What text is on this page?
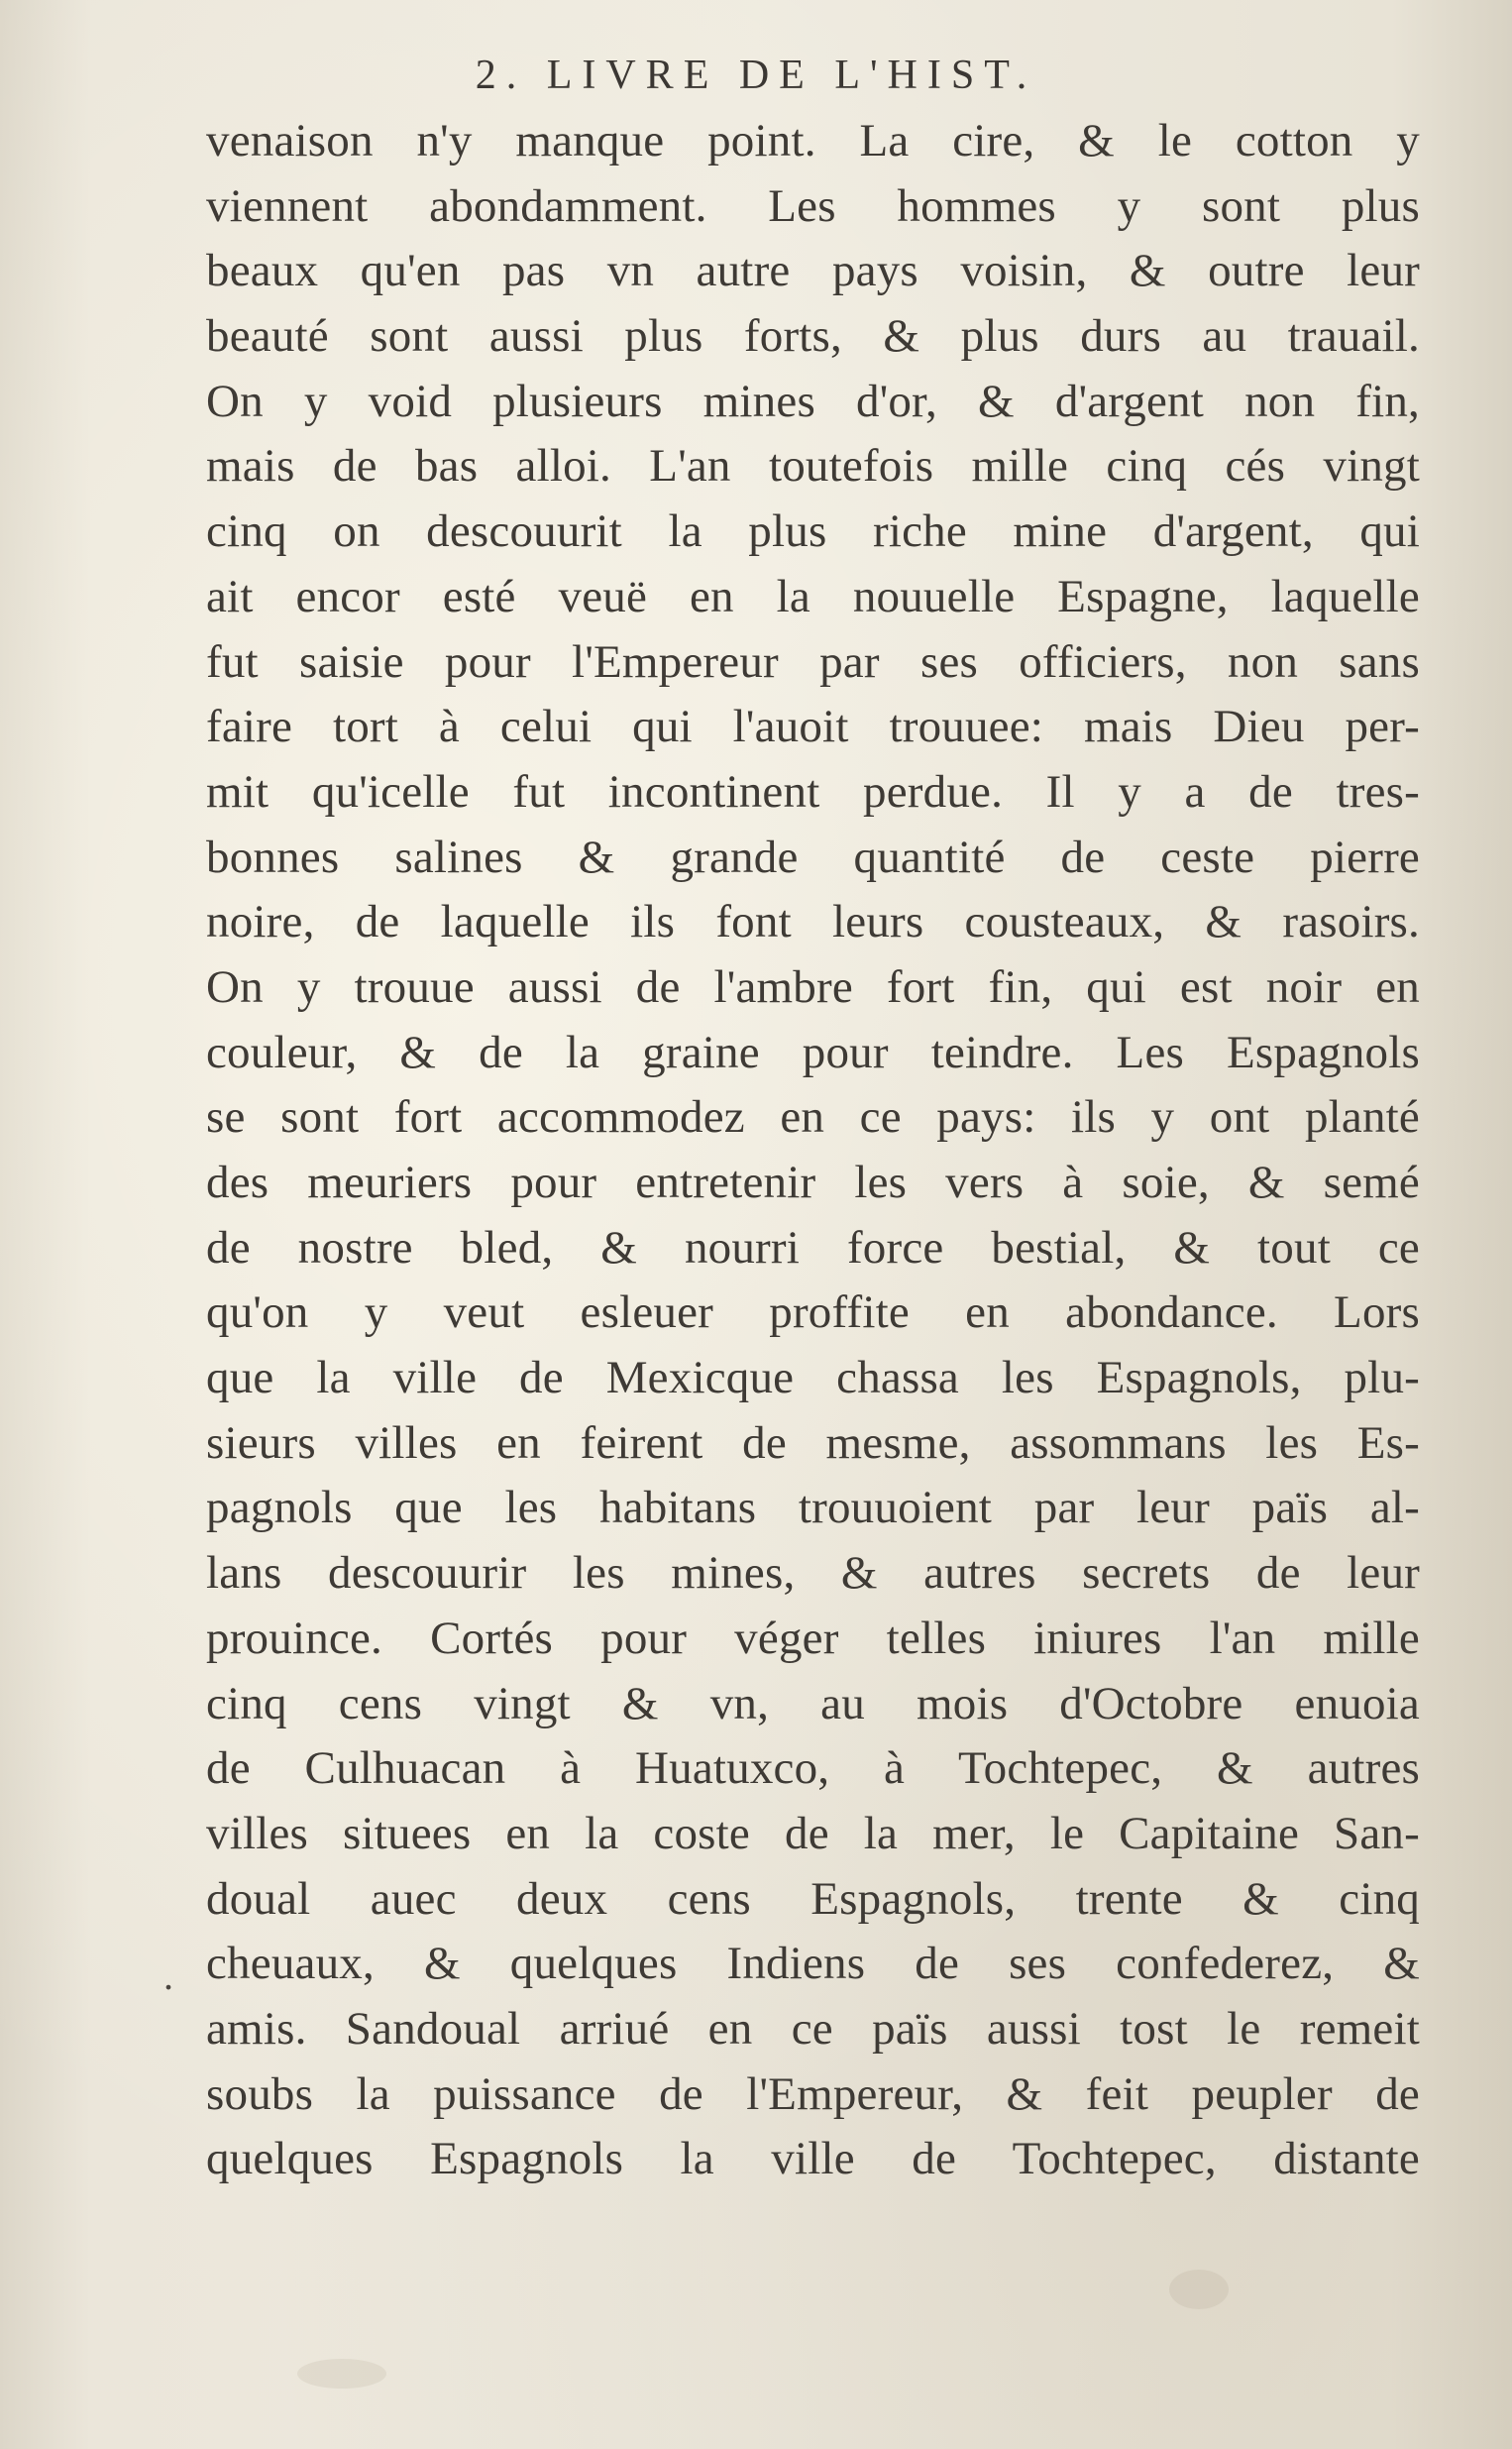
2. LIVRE DE L'HIST.
venaison n'y manque point. La cire, & le cotton y
viennent abondamment. Les hommes y sont plus
beaux qu'en pas vn autre pays voisin, & outre leur
beauté sont aussi plus forts, & plus durs au trauail.
On y void plusieurs mines d'or, & d'argent non fin,
mais de bas alloi. L'an toutefois mille cinq cés vingt
cinq on descouurit la plus riche mine d'argent, qui
ait encor esté veuë en la nouuelle Espagne, laquelle
fut saisie pour l'Empereur par ses officiers, non sans
faire tort à celui qui l'auoit trouuee: mais Dieu per-
mit qu'icelle fut incontinent perdue. Il y a de tres-
bonnes salines & grande quantité de ceste pierre
noire, de laquelle ils font leurs cousteaux, & rasoirs.
On y trouue aussi de l'ambre fort fin, qui est noir en
couleur, & de la graine pour teindre. Les Espagnols
se sont fort accommodez en ce pays: ils y ont planté
des meuriers pour entretenir les vers à soie, & semé
de nostre bled, & nourri force bestial, & tout ce
qu'on y veut esleuer proffite en abondance. Lors
que la ville de Mexicque chassa les Espagnols, plu-
sieurs villes en feirent de mesme, assommans les Es-
pagnols que les habitans trouuoient par leur païs al-
lans descouurir les mines, & autres secrets de leur
prouince. Cortés pour véger telles iniures l'an mille
cinq cens vingt & vn, au mois d'Octobre enuoia
de Culhuacan à Huatuxco, à Tochtepec, & autres
villes situees en la coste de la mer, le Capitaine San-
doual auec deux cens Espagnols, trente & cinq
cheuaux, & quelques Indiens de ses confederez, &
amis. Sandoual arriué en ce païs aussi tost le remeit
soubs la puissance de l'Empereur, & feit peupler de
quelques Espagnols la ville de Tochtepec, distante
.
